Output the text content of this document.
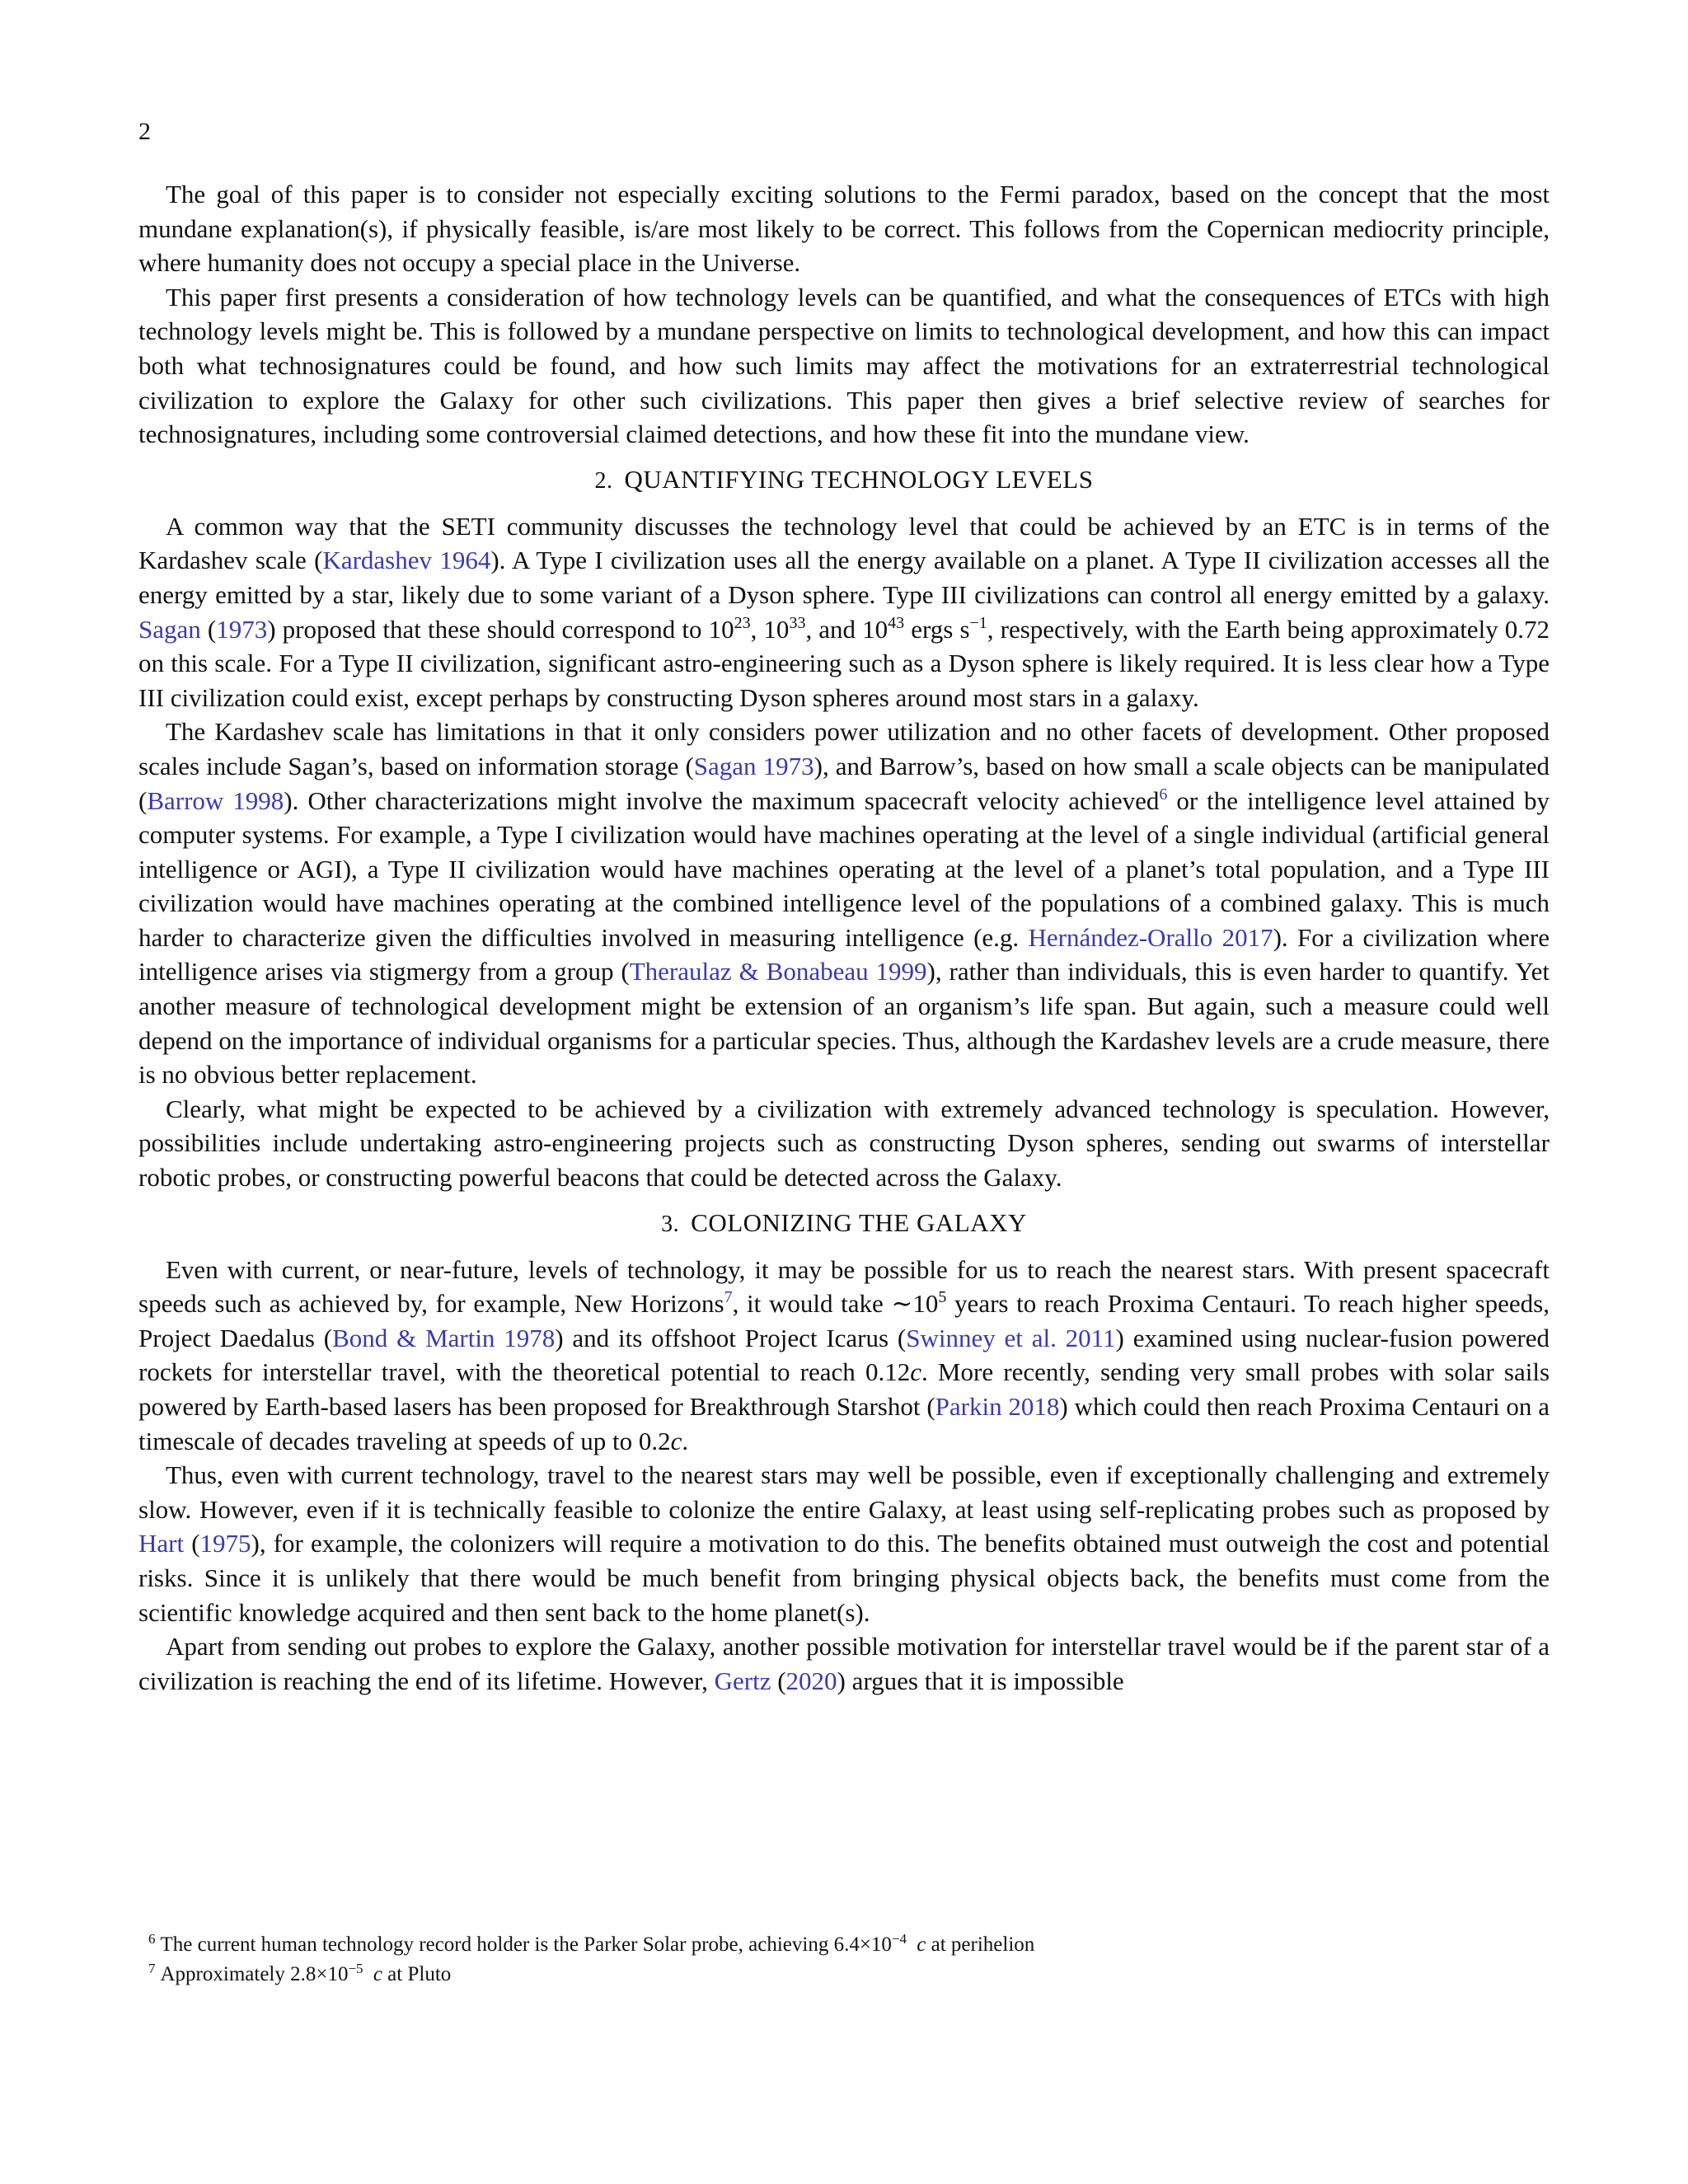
2

The goal of this paper is to consider not especially exciting solutions to the Fermi paradox, based on the concept that the most mundane explanation(s), if physically feasible, is/are most likely to be correct. This follows from the Copernican mediocrity principle, where humanity does not occupy a special place in the Universe.

This paper first presents a consideration of how technology levels can be quantified, and what the consequences of ETCs with high technology levels might be. This is followed by a mundane perspective on limits to technological development, and how this can impact both what technosignatures could be found, and how such limits may affect the motivations for an extraterrestrial technological civilization to explore the Galaxy for other such civilizations. This paper then gives a brief selective review of searches for technosignatures, including some controversial claimed detections, and how these fit into the mundane view.

2. QUANTIFYING TECHNOLOGY LEVELS

A common way that the SETI community discusses the technology level that could be achieved by an ETC is in terms of the Kardashev scale (Kardashev 1964). A Type I civilization uses all the energy available on a planet. A Type II civilization accesses all the energy emitted by a star, likely due to some variant of a Dyson sphere. Type III civilizations can control all energy emitted by a galaxy. Sagan (1973) proposed that these should correspond to $10^{23}$, $10^{33}$, and $10^{43}$ ergs $s^{-1}$, respectively, with the Earth being approximately 0.72 on this scale. For a Type II civilization, significant astro-engineering such as a Dyson sphere is likely required. It is less clear how a Type III civilization could exist, except perhaps by constructing Dyson spheres around most stars in a galaxy.

The Kardashev scale has limitations in that it only considers power utilization and no other facets of development. Other proposed scales include Sagan’s, based on information storage (Sagan 1973), and Barrow’s, based on how small a scale objects can be manipulated (Barrow 1998). Other characterizations might involve the maximum spacecraft velocity achieved$^6$ or the intelligence level attained by computer systems. For example, a Type I civilization would have machines operating at the level of a single individual (artificial general intelligence or AGI), a Type II civilization would have machines operating at the level of a planet’s total population, and a Type III civilization would have machines operating at the combined intelligence level of the populations of a combined galaxy. This is much harder to characterize given the difficulties involved in measuring intelligence (e.g. Hernández-Orallo 2017). For a civilization where intelligence arises via stigmergy from a group (Theraulaz & Bonabeau 1999), rather than individuals, this is even harder to quantify. Yet another measure of technological development might be extension of an organism’s life span. But again, such a measure could well depend on the importance of individual organisms for a particular species. Thus, although the Kardashev levels are a crude measure, there is no obvious better replacement.

Clearly, what might be expected to be achieved by a civilization with extremely advanced technology is speculation. However, possibilities include undertaking astro-engineering projects such as constructing Dyson spheres, sending out swarms of interstellar robotic probes, or constructing powerful beacons that could be detected across the Galaxy.

3. COLONIZING THE GALAXY

Even with current, or near-future, levels of technology, it may be possible for us to reach the nearest stars. With present spacecraft speeds such as achieved by, for example, New Horizons$^7$, it would take $\sim 10^5$ years to reach Proxima Centauri. To reach higher speeds, Project Daedalus (Bond & Martin 1978) and its offshoot Project Icarus (Swinney et al. 2011) examined using nuclear-fusion powered rockets for interstellar travel, with the theoretical potential to reach 0.12c. More recently, sending very small probes with solar sails powered by Earth-based lasers has been proposed for Breakthrough Starshot (Parkin 2018) which could then reach Proxima Centauri on a timescale of decades traveling at speeds of up to 0.2c.

Thus, even with current technology, travel to the nearest stars may well be possible, even if exceptionally challenging and extremely slow. However, even if it is technically feasible to colonize the entire Galaxy, at least using self-replicating probes such as proposed by Hart (1975), for example, the colonizers will require a motivation to do this. The benefits obtained must outweigh the cost and potential risks. Since it is unlikely that there would be much benefit from bringing physical objects back, the benefits must come from the scientific knowledge acquired and then sent back to the home planet(s).

Apart from sending out probes to explore the Galaxy, another possible motivation for interstellar travel would be if the parent star of a civilization is reaching the end of its lifetime. However, Gertz (2020) argues that it is impossible

$^6$ The current human technology record holder is the Parker Solar probe, achieving $6.4\times 10^{-4}$ c at perihelion
$^7$ Approximately $2.8\times 10^{-5}$ c at Pluto
